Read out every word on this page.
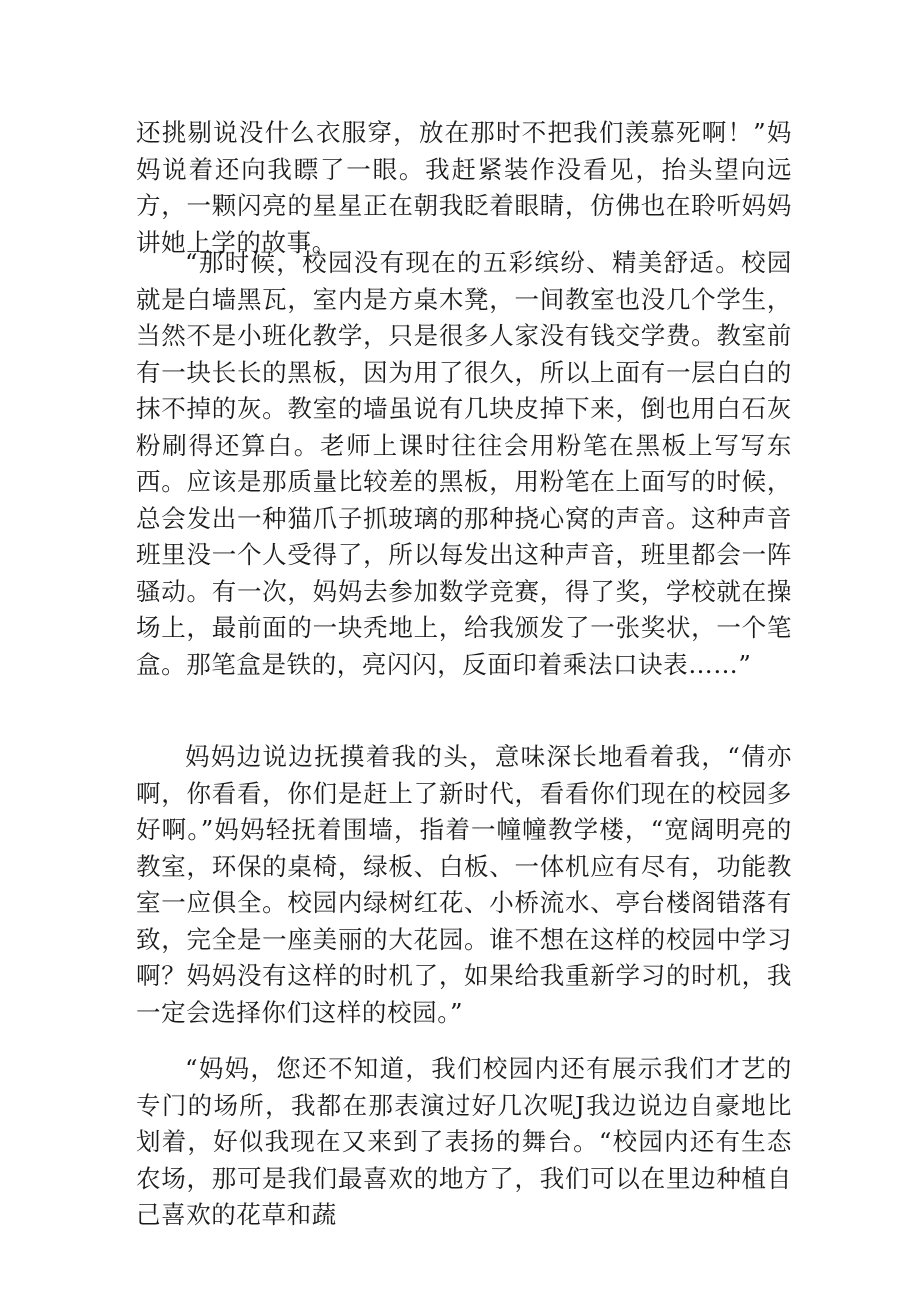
还挑剔说没什么衣服穿，放在那时不把我们羡慕死啊！”妈妈说着还向我瞟了一眼。我赶紧装作没看见，抬头望向远方，一颗闪亮的星星正在朝我眨着眼睛，仿佛也在聆听妈妈讲她上学的故事。

“那时候，校园没有现在的五彩缤纷、精美舒适。校园就是白墙黑瓦，室内是方桌木凳，一间教室也没几个学生，当然不是小班化教学，只是很多人家没有钱交学费。教室前有一块长长的黑板，因为用了很久，所以上面有一层白白的抹不掉的灰。教室的墙虽说有几块皮掉下来，倒也用白石灰粉刷得还算白。老师上课时往往会用粉笔在黑板上写写东西。应该是那质量比较差的黑板，用粉笔在上面写的时候，总会发出一种猫爪子抓玻璃的那种挠心窝的声音。这种声音班里没一个人受得了，所以每发出这种声音，班里都会一阵骚动。有一次，妈妈去参加数学竞赛，得了奖，学校就在操场上，最前面的一块秃地上，给我颁发了一张奖状，一个笔盒。那笔盒是铁的，亮闪闪，反面印着乘法口诀表……”

妈妈边说边抚摸着我的头，意味深长地看着我，“倩亦啊，你看看，你们是赶上了新时代，看看你们现在的校园多好啊。”妈妈轻抚着围墙，指着一幢幢教学楼，“宽阔明亮的教室，环保的桌椅，绿板、白板、一体机应有尽有，功能教室一应俱全。校园内绿树红花、小桥流水、亭台楼阁错落有致，完全是一座美丽的大花园。谁不想在这样的校园中学习啊？妈妈没有这样的时机了，如果给我重新学习的时机，我一定会选择你们这样的校园。”

“妈妈，您还不知道，我们校园内还有展示我们才艺的专门的场所，我都在那表演过好几次呢J我边说边自豪地比划着，好似我现在又来到了表扬的舞台。“校园内还有生态农场，那可是我们最喜欢的地方了，我们可以在里边种植自己喜欢的花草和蔬
